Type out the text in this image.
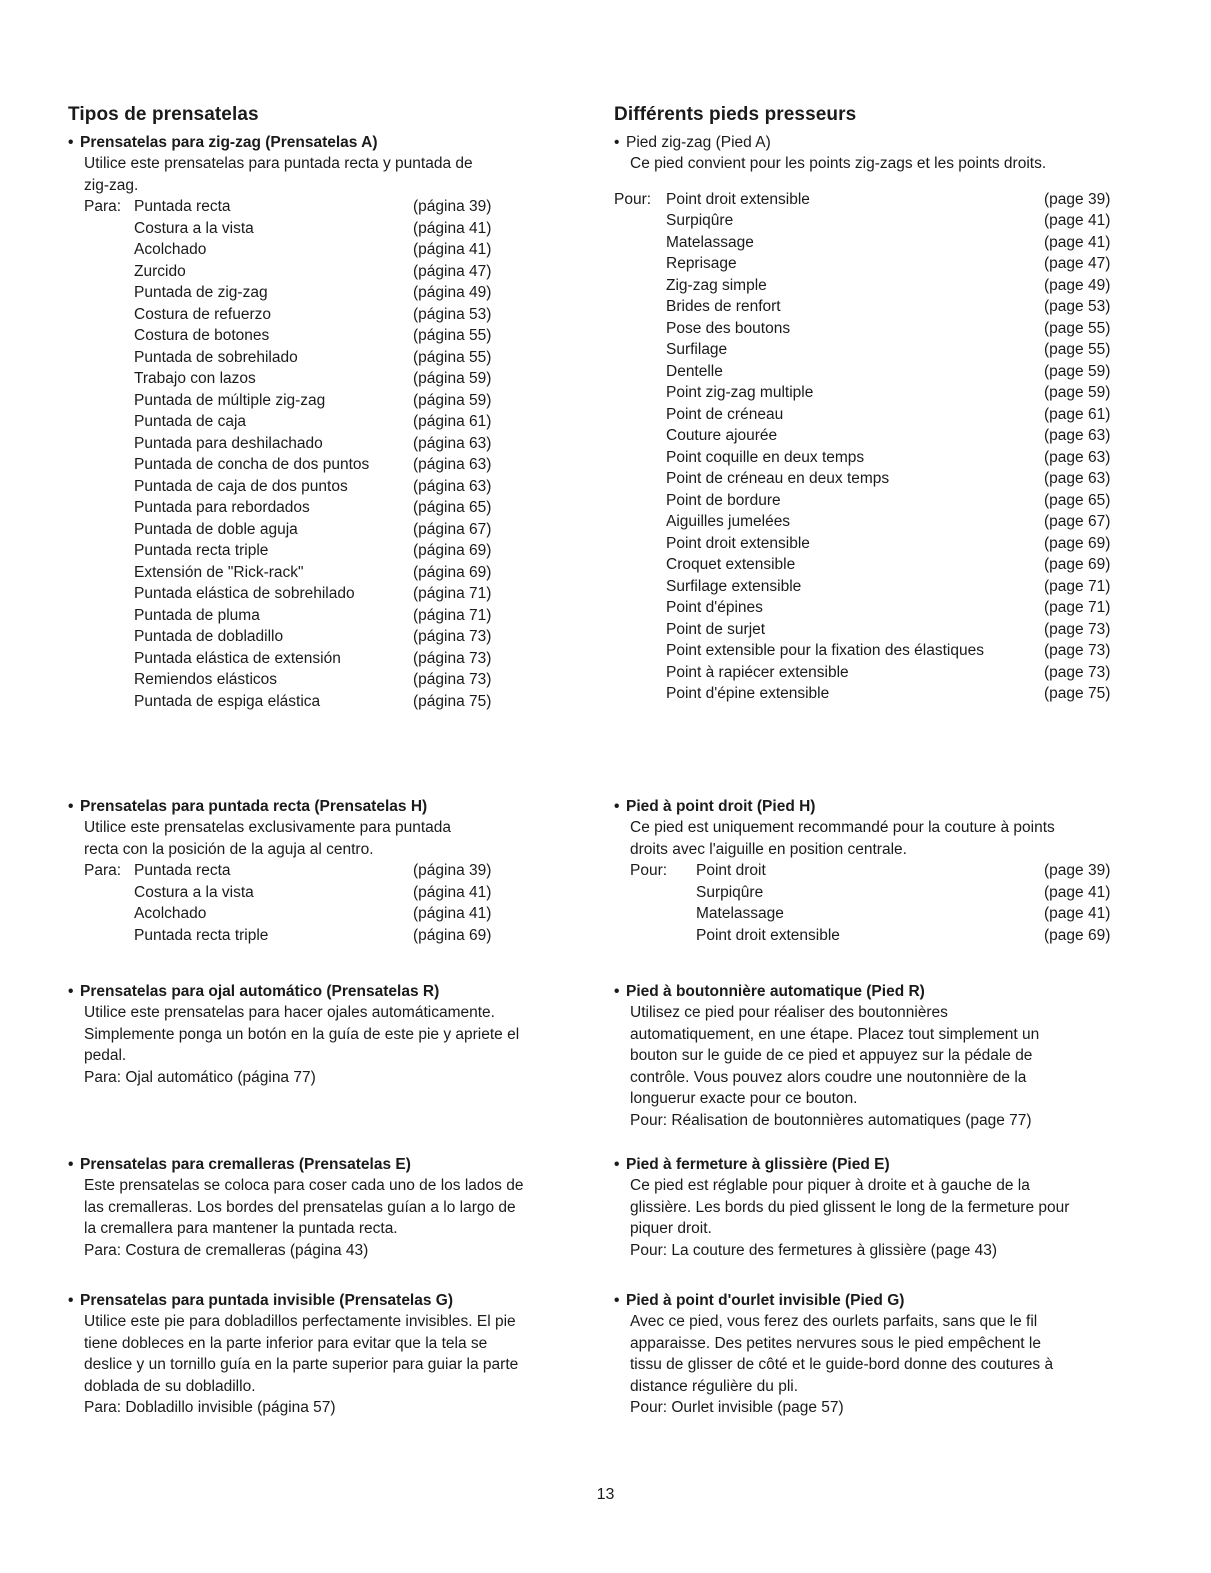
Tipos de prensatelas
• Prensatelas para zig-zag (Prensatelas A)
Utilice este prensatelas para puntada recta y puntada de
zig-zag.
Para: Puntada recta	(página 39)
Costura a la vista	(página 41)
Acolchado	(página 41)
Zurcido	(página 47)
Puntada de zig-zag	(página 49)
Costura de refuerzo	(página 53)
Costura de botones	(página 55)
Puntada de sobrehilado	(página 55)
Trabajo con lazos	(página 59)
Puntada de múltiple zig-zag	(página 59)
Puntada de caja	(página 61)
Puntada para deshilachado	(página 63)
Puntada de concha de dos puntos	(página 63)
Puntada de caja de dos puntos	(página 63)
Puntada para rebordados	(página 65)
Puntada de doble aguja	(página 67)
Puntada recta triple	(página 69)
Extensión de "Rick-rack"	(página 69)
Puntada elástica de sobrehilado	(página 71)
Puntada de pluma	(página 71)
Puntada de dobladillo	(página 73)
Puntada elástica de extensión	(página 73)
Remiendos elásticos	(página 73)
Puntada de espiga elástica	(página 75)
• Prensatelas para puntada recta (Prensatelas H)
Utilice este prensatelas exclusivamente para puntada
recta con la posición de la aguja al centro.
Para: Puntada recta	(página 39)
Costura a la vista	(página 41)
Acolchado	(página 41)
Puntada recta triple	(página 69)
• Prensatelas para ojal automático (Prensatelas R)
Utilice este prensatelas para hacer ojales automáticamente.
Simplemente ponga un botón en la guía de este pie y apriete el
pedal.
Para: Ojal automático (página 77)
• Prensatelas para cremalleras (Prensatelas E)
Este prensatelas se coloca para coser cada uno de los lados de
las cremalleras. Los bordes del prensatelas guían a lo largo de
la cremallera para mantener la puntada recta.
Para: Costura de cremalleras (página 43)
• Prensatelas para puntada invisible (Prensatelas G)
Utilice este pie para dobladillos perfectamente invisibles. El pie
tiene dobleces en la parte inferior para evitar que la tela se
deslice y un tornillo guía en la parte superior para guiar la parte
doblada de su dobladillo.
Para: Dobladillo invisible (página 57)
Différents pieds presseurs
• Pied zig-zag (Pied A)
Ce pied convient pour les points zig-zags et les points droits.
Pour: Point droit extensible	(page 39)
Surpiqûre	(page 41)
Matelassage	(page 41)
Reprisage	(page 47)
Zig-zag simple	(page 49)
Brides de renfort	(page 53)
Pose des boutons	(page 55)
Surfilage	(page 55)
Dentelle	(page 59)
Point zig-zag multiple	(page 59)
Point de créneau	(page 61)
Couture ajourée	(page 63)
Point coquille en deux temps	(page 63)
Point de créneau en deux temps	(page 63)
Point de bordure	(page 65)
Aiguilles jumelées	(page 67)
Point droit extensible	(page 69)
Croquet extensible	(page 69)
Surfilage extensible	(page 71)
Point d'épines	(page 71)
Point de surjet	(page 73)
Point extensible pour la fixation des élastiques	(page 73)
Point à rapiécer extensible	(page 73)
Point d'épine extensible	(page 75)
• Pied à point droit (Pied H)
Ce pied est uniquement recommandé pour la couture à points
droits avec l'aiguille en position centrale.
Pour:	Point droit	(page 39)
Surpiqûre	(page 41)
Matelassage	(page 41)
Point droit extensible	(page 69)
• Pied à boutonnière automatique (Pied R)
Utilisez ce pied pour réaliser des boutonnières
automatiquement, en une étape. Placez tout simplement un
bouton sur le guide de ce pied et appuyez sur la pédale de
contrôle. Vous pouvez alors coudre une noutonnière de la
longuerur exacte pour ce bouton.
Pour: Réalisation de boutonnières automatiques (page 77)
• Pied à fermeture à glissière (Pied E)
Ce pied est réglable pour piquer à droite et à gauche de la
glissière. Les bords du pied glissent le long de la fermeture pour
piquer droit.
Pour: La couture des fermetures à glissière (page 43)
• Pied à point d'ourlet invisible (Pied G)
Avec ce pied, vous ferez des ourlets parfaits, sans que le fil
apparaisse. Des petites nervures sous le pied empêchent le
tissu de glisser de côté et le guide-bord donne des coutures à
distance régulière du pli.
Pour: Ourlet invisible (page 57)
13
